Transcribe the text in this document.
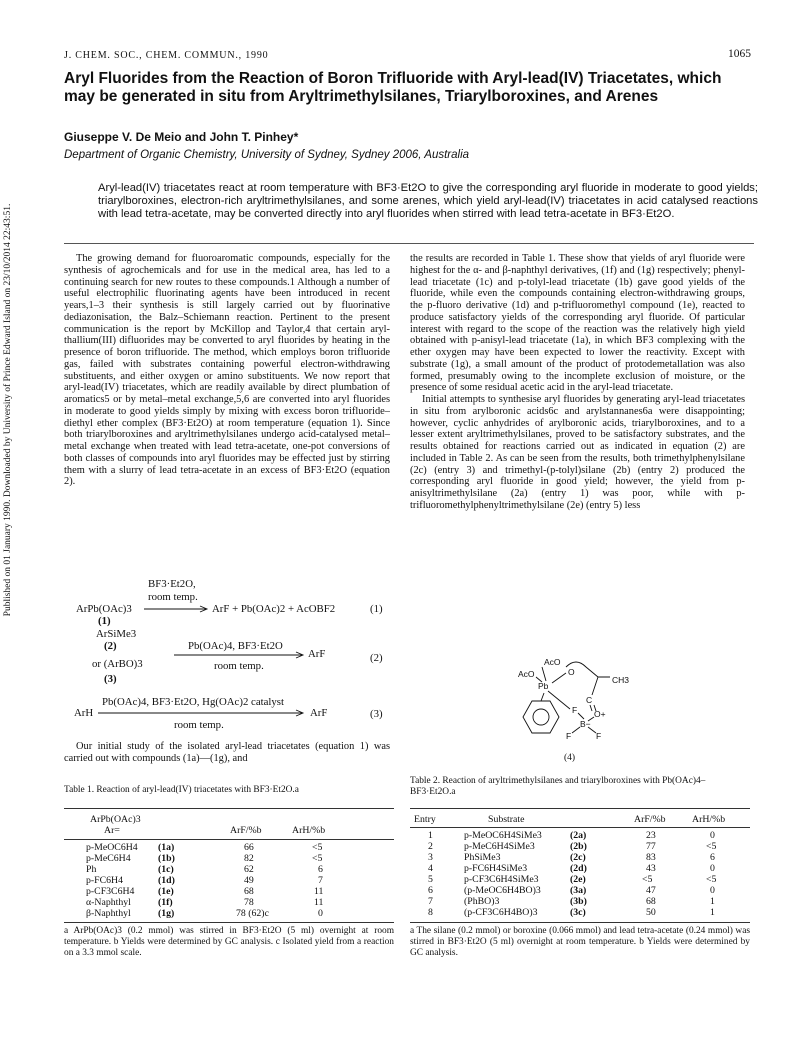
J. CHEM. SOC., CHEM. COMMUN., 1990	1065
Published on 01 January 1990. Downloaded by University of Prince Edward Island on 23/10/2014 22:43:51.
Aryl Fluorides from the Reaction of Boron Trifluoride with Aryl-lead(IV) Triacetates, which may be generated in situ from Aryltrimethylsilanes, Triarylboroxines, and Arenes
Giuseppe V. De Meio and John T. Pinhey*
Department of Organic Chemistry, University of Sydney, Sydney 2006, Australia
Aryl-lead(IV) triacetates react at room temperature with BF3·Et2O to give the corresponding aryl fluoride in moderate to good yields; triarylboroxines, electron-rich aryltrimethylsilanes, and some arenes, which yield aryl-lead(IV) triacetates in acid catalysed reactions with lead tetra-acetate, may be converted directly into aryl fluorides when stirred with lead tetra-acetate in BF3·Et2O.

The growing demand for fluoroaromatic compounds, especially for the synthesis of agrochemicals and for use in the medical area, has led to a continuing search for new routes to these compounds.1 Although a number of useful electrophilic fluorinating agents have been introduced in recent years,1–3 their synthesis is still largely carried out by fluorinative dediazonisation, the Balz–Schiemann reaction. Pertinent to the present communication is the report by McKillop and Taylor,4 that certain aryl-thallium(III) difluorides may be converted to aryl fluorides by heating in the presence of boron trifluoride. The method, which employs boron trifluoride gas, failed with substrates containing powerful electron-withdrawing substituents, and either oxygen or amino substituents. We now report that aryl-lead(IV) triacetates, which are readily available by direct plumbation of aromatics5 or by metal–metal exchange,5,6 are converted into aryl fluorides in moderate to good yields simply by mixing with excess boron trifluoride–diethyl ether complex (BF3·Et2O) at room temperature (equation 1). Since both triarylboroxines and aryltrimethylsilanes undergo acid-catalysed metal–metal exchange when treated with lead tetra-acetate, one-pot conversions of both classes of compounds into aryl fluorides may be effected just by stirring them with a slurry of lead tetra-acetate in an excess of BF3·Et2O (equation 2).

BF3·Et2O,
room temp.
ArPb(OAc)3	ArF + Pb(OAc)2 + AcOBF2	(1)
(1)
ArSiMe3
(2)	Pb(OAc)4, BF3·Et2O
ArF	(2)
or (ArBO)3	room temp.
(3)
Pb(OAc)4, BF3·Et2O, Hg(OAc)2 catalyst
ArH	ArF	(3)
room temp.
Our initial study of the isolated aryl-lead triacetates (equation 1) was carried out with compounds (1a)—(1g), and

the results are recorded in Table 1. These show that yields of aryl fluoride were highest for the α- and β-naphthyl derivatives, (1f) and (1g) respectively; phenyl-lead triacetate (1c) and p-tolyl-lead triacetate (1b) gave good yields of the fluoride, while even the compounds containing electron-withdrawing groups, the p-fluoro derivative (1d) and p-trifluoromethyl compound (1e), reacted to produce satisfactory yields of the corresponding aryl fluoride. Of particular interest with regard to the scope of the reaction was the relatively high yield obtained with p-anisyl-lead triacetate (1a), in which BF3 complexing with the ether oxygen may have been expected to lower the reactivity. Except with substrate (1g), a small amount of the product of protodemetallation was also formed, presumably owing to the incomplete exclusion of moisture, or the presence of some residual acetic acid in the aryl-lead triacetate.

Initial attempts to synthesise aryl fluorides by generating aryl-lead triacetates in situ from arylboronic acids6c and arylstannanes6a were disappointing; however, cyclic anhydrides of arylboronic acids, triarylboroxines, and to a lesser extent aryltrimethylsilanes, proved to be satisfactory substrates, and the results obtained for reactions carried out as indicated in equation (2) are included in Table 2. As can be seen from the results, both trimethylphenylsilane (2c) (entry 3) and trimethyl-(p-tolyl)silane (2b) (entry 2) produced the corresponding aryl fluoride in good yield; however, the yield from p-anisyltrimethylsilane (2a) (entry 1) was poor, while with p-trifluoromethylphenyltrimethylsilane (2e) (entry 5) less

AcO
AcO
Pb
O
CH3
C
F O+
B−
F	F
(4)
Table 1. Reaction of aryl-lead(IV) triacetates with BF3·Et2O.a
ArPb(OAc)3
Ar=	ArF/%b	ArH/%b
p-MeOC6H4 (1a)	66	<5
p-MeC6H4	(1b)	82	<5
Ph	(1c)	62	6
p-FC6H4	(1d)	49	7
p-CF3C6H4 (1e)	68	11
α-Naphthyl	(1f)	78	11
β-Naphthyl	(1g)	78 (62)c	0
a ArPb(OAc)3 (0.2 mmol) was stirred in BF3·Et2O (5 ml) overnight at room temperature. b Yields were determined by GC analysis. c Isolated yield from a reaction on a 3.3 mmol scale.
Table 2. Reaction of aryltrimethylsilanes and triarylboroxines with Pb(OAc)4–BF3·Et2O.a
Entry	Substrate	ArF/%b	ArH/%b
1	p-MeOC6H4SiMe3	(2a)	23	0
2	p-MeC6H4SiMe3	(2b)	77	<5
3	PhSiMe3	(2c)	83	6
4	p-FC6H4SiMe3	(2d)	43	0
5	p-CF3C6H4SiMe3	(2e)	<5	<5
6	(p-MeOC6H4BO)3	(3a)	47	0
7	(PhBO)3	(3b)	68	1
8	(p-CF3C6H4BO)3	(3c)	50	1
a The silane (0.2 mmol) or boroxine (0.066 mmol) and lead tetra-acetate (0.24 mmol) was stirred in BF3·Et2O (5 ml) overnight at room temperature. b Yields were determined by GC analysis.
